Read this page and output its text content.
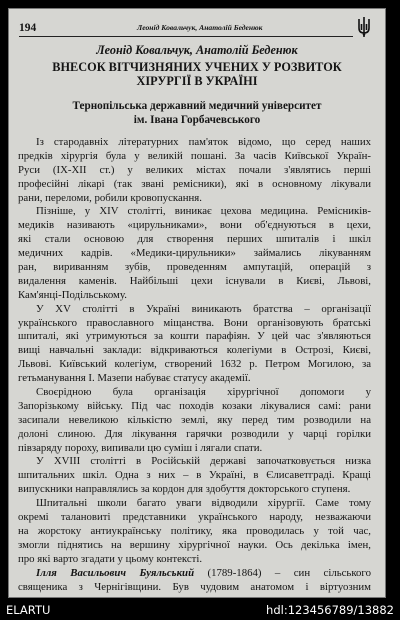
194	Леонід Ковальчук, Анатолій Беденюк
Леонід Ковальчук, Анатолій Беденюк
ВНЕСОК ВІТЧИЗНЯНИХ УЧЕНИХ У РОЗВИТОК
ХІРУРГІЇ В УКРАЇНІ
Тернопільська державний медичний університет
ім. Івана Горбачевського
Із стародавніх літературних пам'яток відомо, що серед наших
предків хірургія була у великій пошані. За часів Київської Україн-
Руси (IX-XII ст.) у великих містах почали з'являтись перші
професійні лікарі (так звані ремісники), які в основному лікували
рани, переломи, робили кровопускання.
Пізніше, у XIV столітті, виникає цехова медицина. Ремісників-
медиків називають «цирульниками», вони об'єднуються в цехи,
які стали основою для створення перших шпиталів і шкіл
медичних кадрів. «Медики-цирульники» займались лікуванням
ран, вириванням зубів, проведенням ампутацій, операцій з
видалення каменів. Найбільші цехи існували в Києві, Львові,
Кам'янці-Подільському.
У XV столітті в Україні виникають братства – організації
українського православного міщанства. Вони організовують братські
шпиталі, які утримуються за кошти парафіян. У цей час з'являються
вищі навчальні заклади: відкриваються колегіуми в Острозі, Києві,
Львові. Київський колегіум, створений 1632 р. Петром Могилою, за
гетьманування І. Мазепи набуває статусу академії.
Своєрідною була організація хірургічної допомоги у
Запорізькому війську. Під час походів козаки лікувалися самі: рани
засипали невеликою кількістю землі, яку перед тим розводили на
долоні слиною. Для лікування гарячки розводили у чарці горілки
півзаряду пороху, випивали цю суміш і лягали спати.
У XVIII столітті в Російській державі започатковується низка
шпитальних шкіл. Одна з них – в Україні, в Єлисаветграді. Кращі
випускники направлялись за кордон для здобуття докторського ступеня.
Шпитальні школи багато уваги відводили хірургії. Саме тому
окремі талановиті представники українського народу, незважаючи
на жорстоку антиукраїнську політику, яка проводилась у той час,
змогли піднятись на вершину хірургічної науки. Ось декілька імен,
про які варто згадати у цьому контексті.
Ілля Васильович Буяльський (1789-1864) – син сільського
священика з Чернігівщини. Був чудовим анатомом і віртуозним
ELARTU	hdl:123456789/13882
